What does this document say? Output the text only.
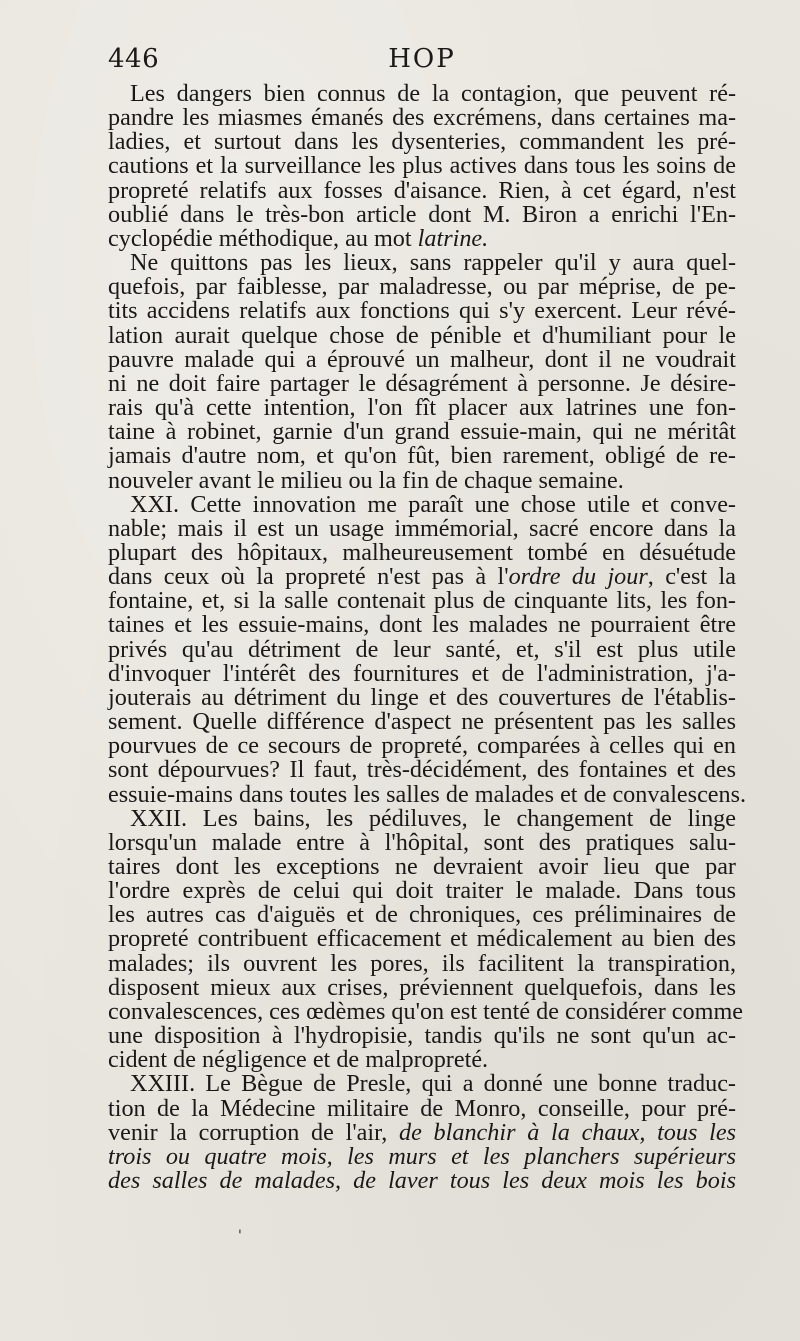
446	HOP
Les dangers bien connus de la contagion, que peuvent ré-
pandre les miasmes émanés des excrémens, dans certaines ma-
ladies, et surtout dans les dysenteries, commandent les pré-
cautions et la surveillance les plus actives dans tous les soins de
propreté relatifs aux fosses d'aisance. Rien, à cet égard, n'est
oublié dans le très-bon article dont M. Biron a enrichi l'En-
cyclopédie méthodique, au mot latrine.
Ne quittons pas les lieux, sans rappeler qu'il y aura quel-
quefois, par faiblesse, par maladresse, ou par méprise, de pe-
tits accidens relatifs aux fonctions qui s'y exercent. Leur révé-
lation aurait quelque chose de pénible et d'humiliant pour le
pauvre malade qui a éprouvé un malheur, dont il ne voudrait
ni ne doit faire partager le désagrément à personne. Je désire-
rais qu'à cette intention, l'on fît placer aux latrines une fon-
taine à robinet, garnie d'un grand essuie-main, qui ne méritât
jamais d'autre nom, et qu'on fût, bien rarement, obligé de re-
nouveler avant le milieu ou la fin de chaque semaine.
XXI. Cette innovation me paraît une chose utile et conve-
nable; mais il est un usage immémorial, sacré encore dans la
plupart des hôpitaux, malheureusement tombé en désuétude
dans ceux où la propreté n'est pas à l'ordre du jour, c'est la
fontaine, et, si la salle contenait plus de cinquante lits, les fon-
taines et les essuie-mains, dont les malades ne pourraient être
privés qu'au détriment de leur santé, et, s'il est plus utile
d'invoquer l'intérêt des fournitures et de l'administration, j'a-
jouterais au détriment du linge et des couvertures de l'établis-
sement. Quelle différence d'aspect ne présentent pas les salles
pourvues de ce secours de propreté, comparées à celles qui en
sont dépourvues? Il faut, très-décidément, des fontaines et des
essuie-mains dans toutes les salles de malades et de convalescens.
XXII. Les bains, les pédiluves, le changement de linge
lorsqu'un malade entre à l'hôpital, sont des pratiques salu-
taires dont les exceptions ne devraient avoir lieu que par
l'ordre exprès de celui qui doit traiter le malade. Dans tous
les autres cas d'aiguës et de chroniques, ces préliminaires de
propreté contribuent efficacement et médicalement au bien des
malades; ils ouvrent les pores, ils facilitent la transpiration,
disposent mieux aux crises, préviennent quelquefois, dans les
convalescences, ces œdèmes qu'on est tenté de considérer comme
une disposition à l'hydropisie, tandis qu'ils ne sont qu'un ac-
cident de négligence et de malpropreté.
XXIII. Le Bègue de Presle, qui a donné une bonne traduc-
tion de la Médecine militaire de Monro, conseille, pour pré-
venir la corruption de l'air, de blanchir à la chaux, tous les
trois ou quatre mois, les murs et les planchers supérieurs
des salles de malades, de laver tous les deux mois les bois
'
